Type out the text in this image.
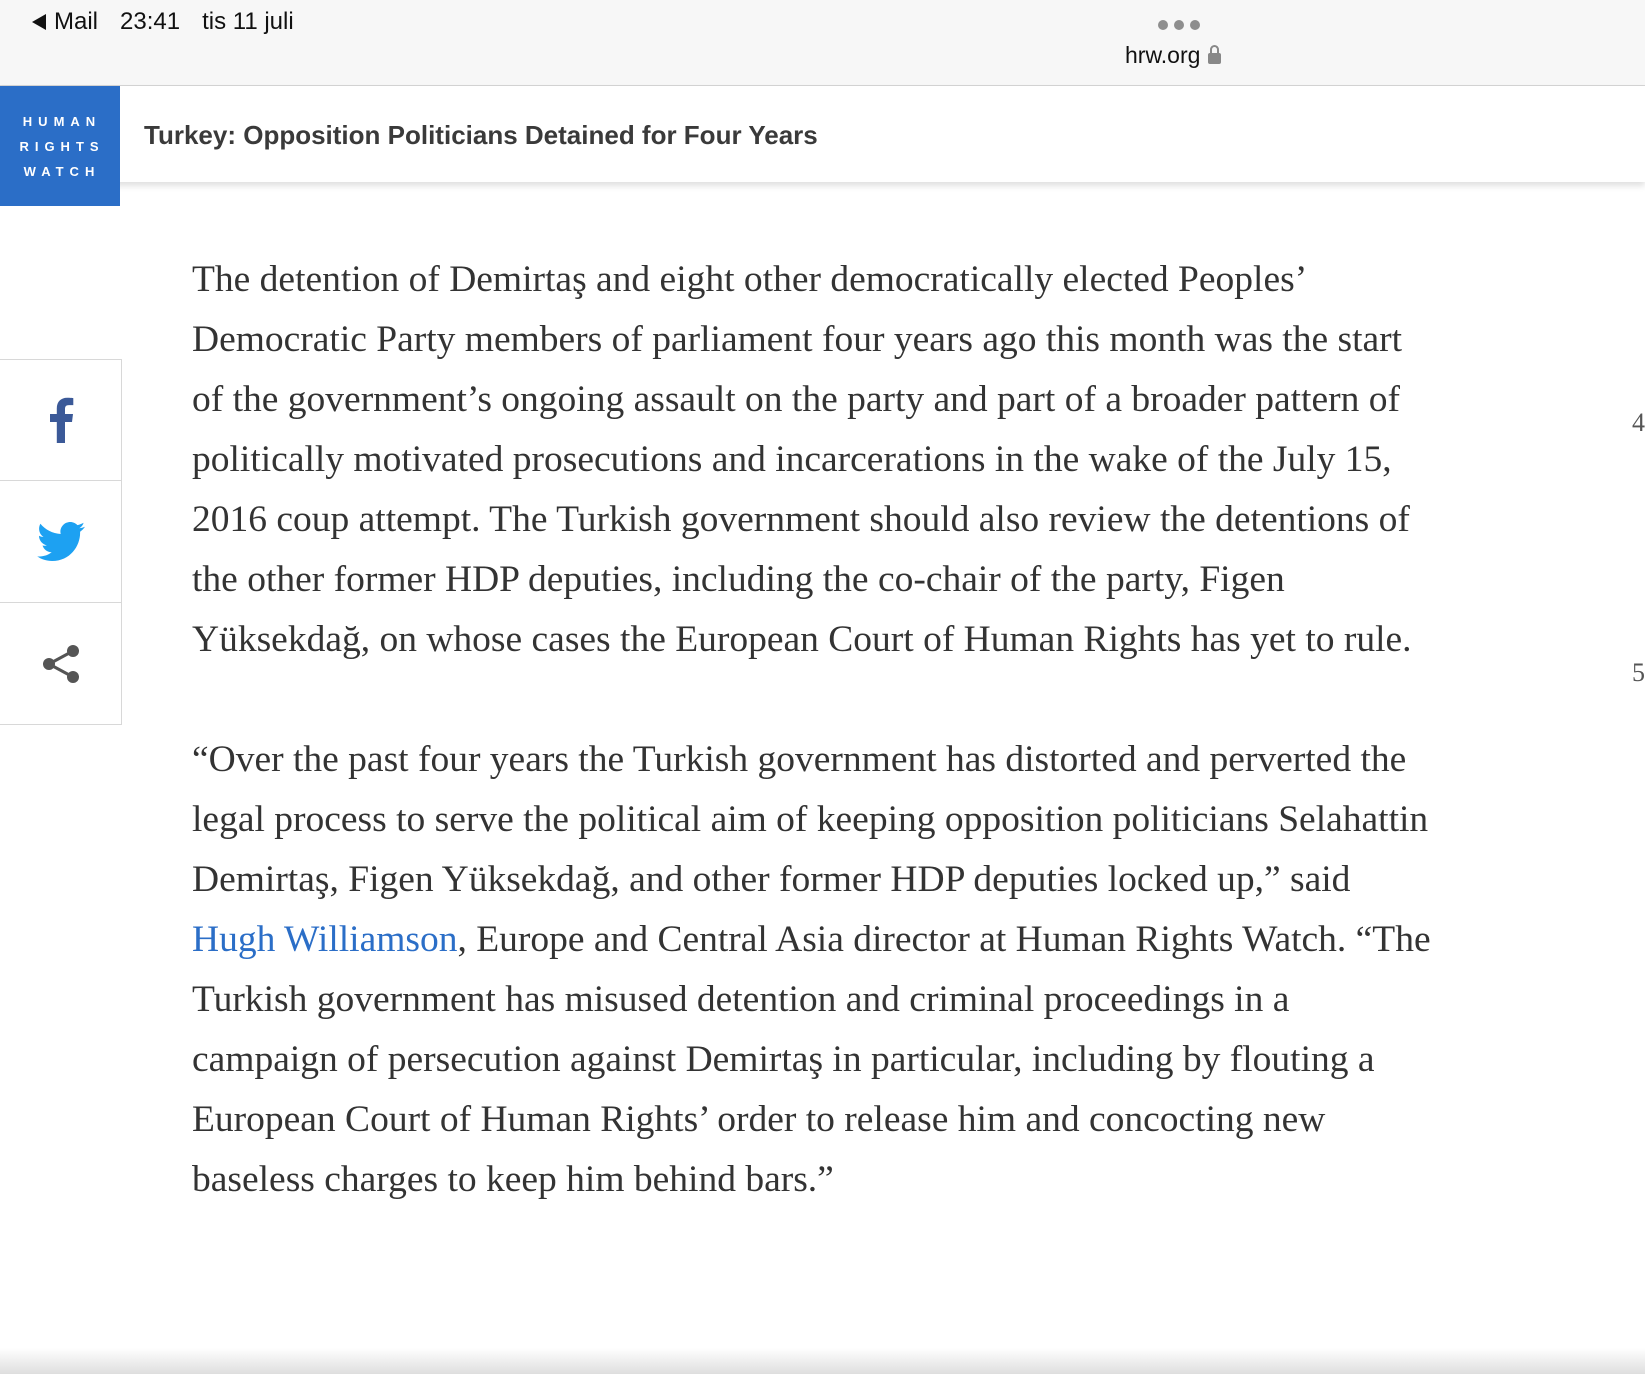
Mail 23:41 tis 11 juli
hrw.org
HUMAN
RIGHTS
WATCH
Turkey: Opposition Politicians Detained for Four Years
4
5

The detention of Demirtaş and eight other democratically elected Peoples’ Democratic Party members of parliament four years ago this month was the start of the government’s ongoing assault on the party and part of a broader pattern of politically motivated prosecutions and incarcerations in the wake of the July 15, 2016 coup attempt. The Turkish government should also review the detentions of the other former HDP deputies, including the co-chair of the party, Figen Yüksekdağ, on whose cases the European Court of Human Rights has yet to rule.

“Over the past four years the Turkish government has distorted and perverted the legal process to serve the political aim of keeping opposition politicians Selahattin Demirtaş, Figen Yüksekdağ, and other former HDP deputies locked up,” said Hugh Williamson, Europe and Central Asia director at Human Rights Watch. “The Turkish government has misused detention and criminal proceedings in a campaign of persecution against Demirtaş in particular, including by flouting a European Court of Human Rights’ order to release him and concocting new baseless charges to keep him behind bars.”
